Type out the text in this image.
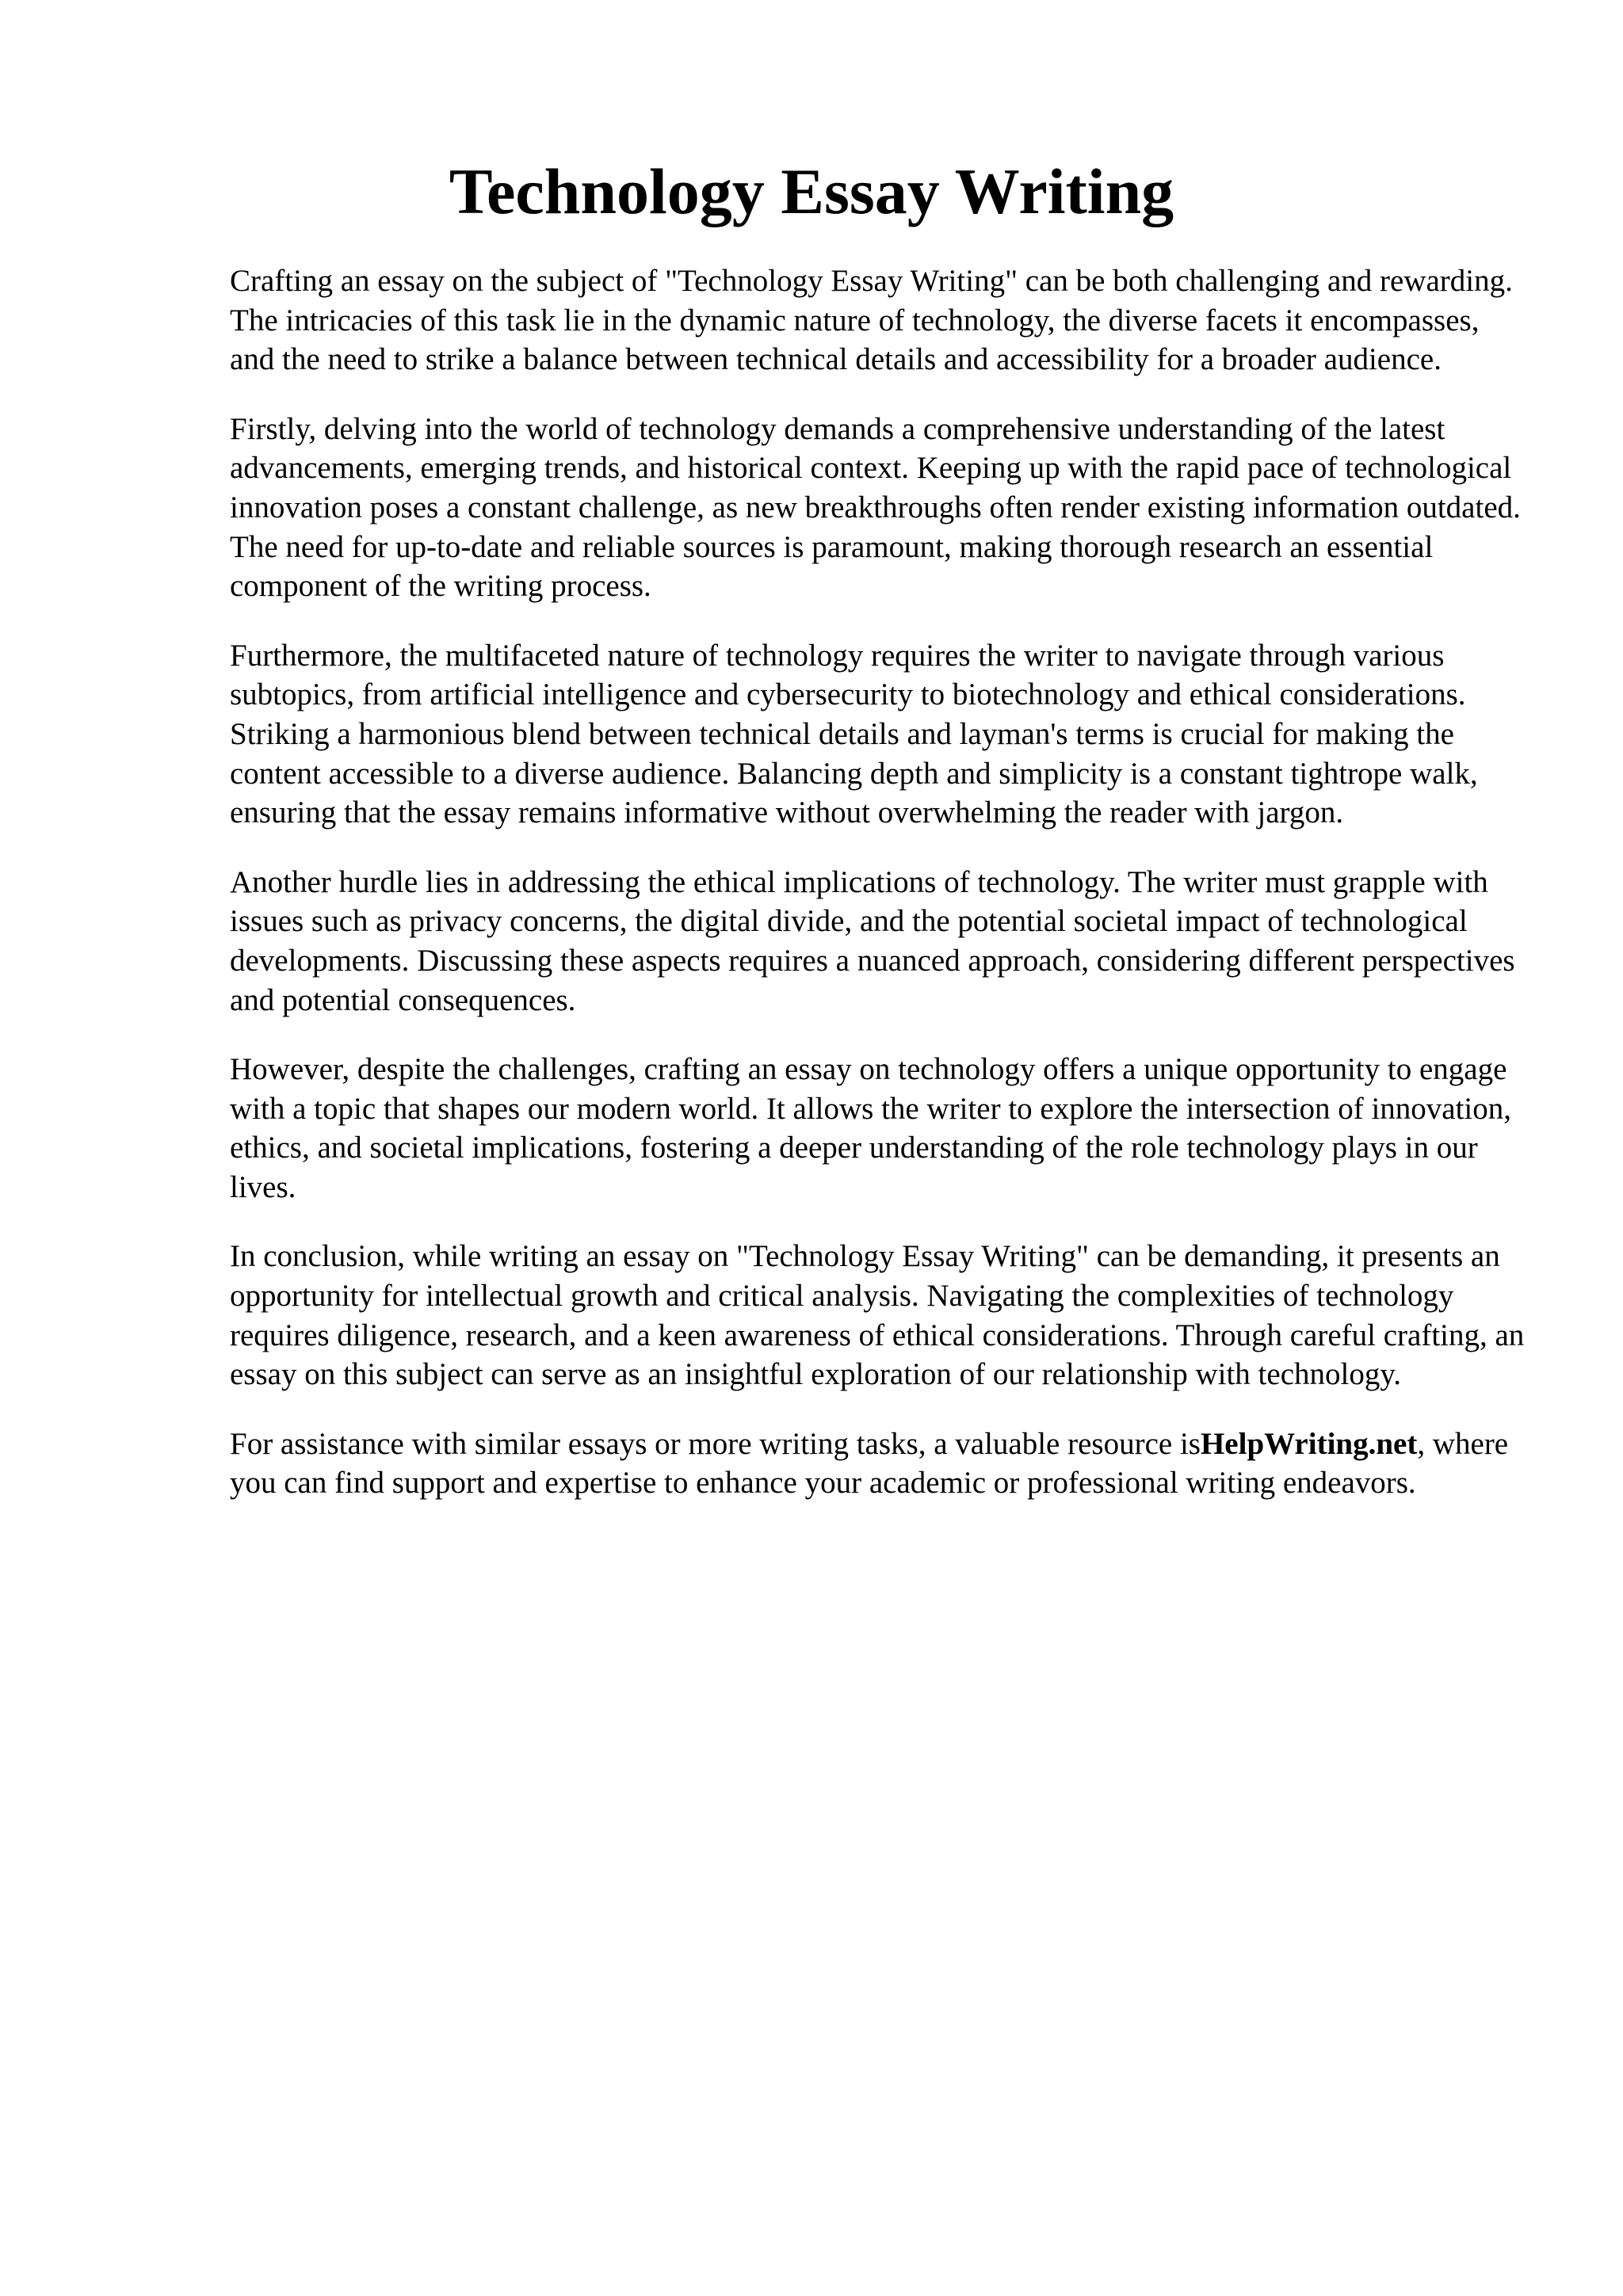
Technology Essay Writing

Crafting an essay on the subject of "Technology Essay Writing" can be both challenging and rewarding. The intricacies of this task lie in the dynamic nature of technology, the diverse facets it encompasses, and the need to strike a balance between technical details and accessibility for a broader audience.

Firstly, delving into the world of technology demands a comprehensive understanding of the latest advancements, emerging trends, and historical context. Keeping up with the rapid pace of technological innovation poses a constant challenge, as new breakthroughs often render existing information outdated. The need for up-to-date and reliable sources is paramount, making thorough research an essential component of the writing process.

Furthermore, the multifaceted nature of technology requires the writer to navigate through various subtopics, from artificial intelligence and cybersecurity to biotechnology and ethical considerations. Striking a harmonious blend between technical details and layman's terms is crucial for making the content accessible to a diverse audience. Balancing depth and simplicity is a constant tightrope walk, ensuring that the essay remains informative without overwhelming the reader with jargon.

Another hurdle lies in addressing the ethical implications of technology. The writer must grapple with issues such as privacy concerns, the digital divide, and the potential societal impact of technological developments. Discussing these aspects requires a nuanced approach, considering different perspectives and potential consequences.

However, despite the challenges, crafting an essay on technology offers a unique opportunity to engage with a topic that shapes our modern world. It allows the writer to explore the intersection of innovation, ethics, and societal implications, fostering a deeper understanding of the role technology plays in our lives.

In conclusion, while writing an essay on "Technology Essay Writing" can be demanding, it presents an opportunity for intellectual growth and critical analysis. Navigating the complexities of technology requires diligence, research, and a keen awareness of ethical considerations. Through careful crafting, an essay on this subject can serve as an insightful exploration of our relationship with technology.

For assistance with similar essays or more writing tasks, a valuable resource isHelpWriting.net, where you can find support and expertise to enhance your academic or professional writing endeavors.
